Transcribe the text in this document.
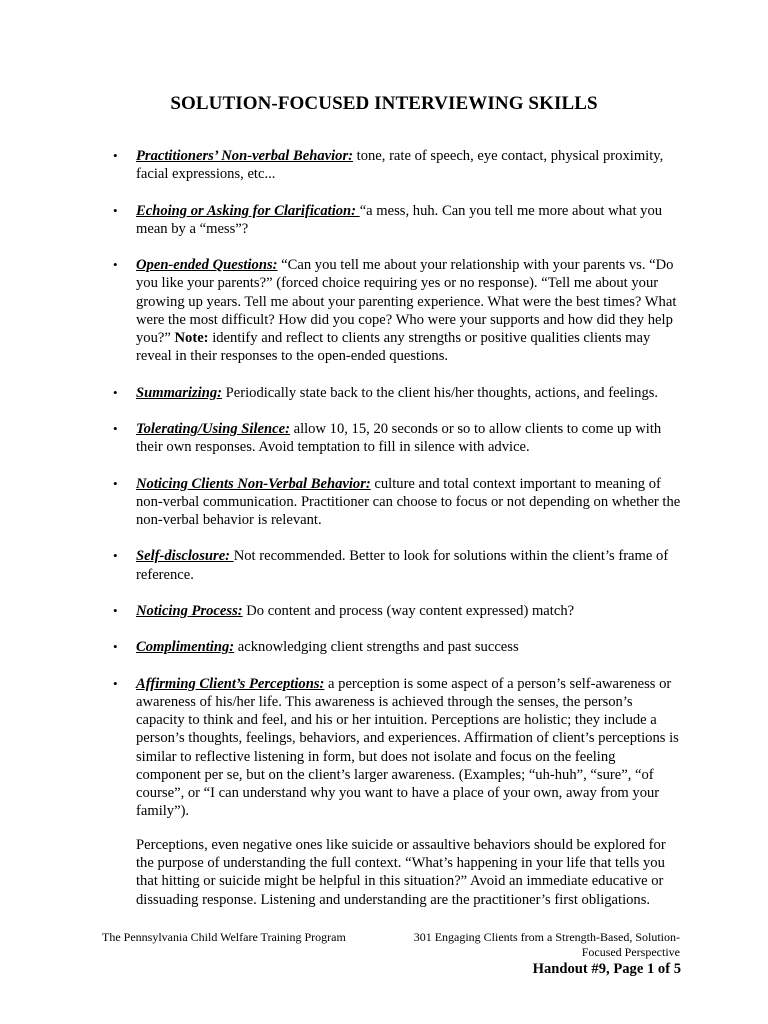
SOLUTION-FOCUSED INTERVIEWING SKILLS
• Practitioners’ Non-verbal Behavior: tone, rate of speech, eye contact, physical proximity, facial expressions, etc...
• Echoing or Asking for Clarification: “a mess, huh. Can you tell me more about what you mean by a “mess”?
• Open-ended Questions: “Can you tell me about your relationship with your parents vs. “Do you like your parents?” (forced choice requiring yes or no response). “Tell me about your growing up years. Tell me about your parenting experience. What were the best times? What were the most difficult? How did you cope? Who were your supports and how did they help you?” Note: identify and reflect to clients any strengths or positive qualities clients may reveal in their responses to the open-ended questions.
• Summarizing: Periodically state back to the client his/her thoughts, actions, and feelings.
• Tolerating/Using Silence: allow 10, 15, 20 seconds or so to allow clients to come up with their own responses. Avoid temptation to fill in silence with advice.
• Noticing Clients Non-Verbal Behavior: culture and total context important to meaning of non-verbal communication. Practitioner can choose to focus or not depending on whether the non-verbal behavior is relevant.
• Self-disclosure: Not recommended. Better to look for solutions within the client’s frame of reference.
• Noticing Process: Do content and process (way content expressed) match?
• Complimenting: acknowledging client strengths and past success
• Affirming Client’s Perceptions: a perception is some aspect of a person’s self-awareness or awareness of his/her life. This awareness is achieved through the senses, the person’s capacity to think and feel, and his or her intuition. Perceptions are holistic; they include a person’s thoughts, feelings, behaviors, and experiences. Affirmation of client’s perceptions is similar to reflective listening in form, but does not isolate and focus on the feeling component per se, but on the client’s larger awareness. (Examples; “uh-huh”, “sure”, “of course”, or “I can understand why you want to have a place of your own, away from your family”).
Perceptions, even negative ones like suicide or assaultive behaviors should be explored for the purpose of understanding the full context. “What’s happening in your life that tells you that hitting or suicide might be helpful in this situation?” Avoid an immediate educative or dissuading response. Listening and understanding are the practitioner’s first obligations.
The Pennsylvania Child Welfare Training Program	301 Engaging Clients from a Strength-Based, Solution-Focused Perspective
Handout #9, Page 1 of 5
